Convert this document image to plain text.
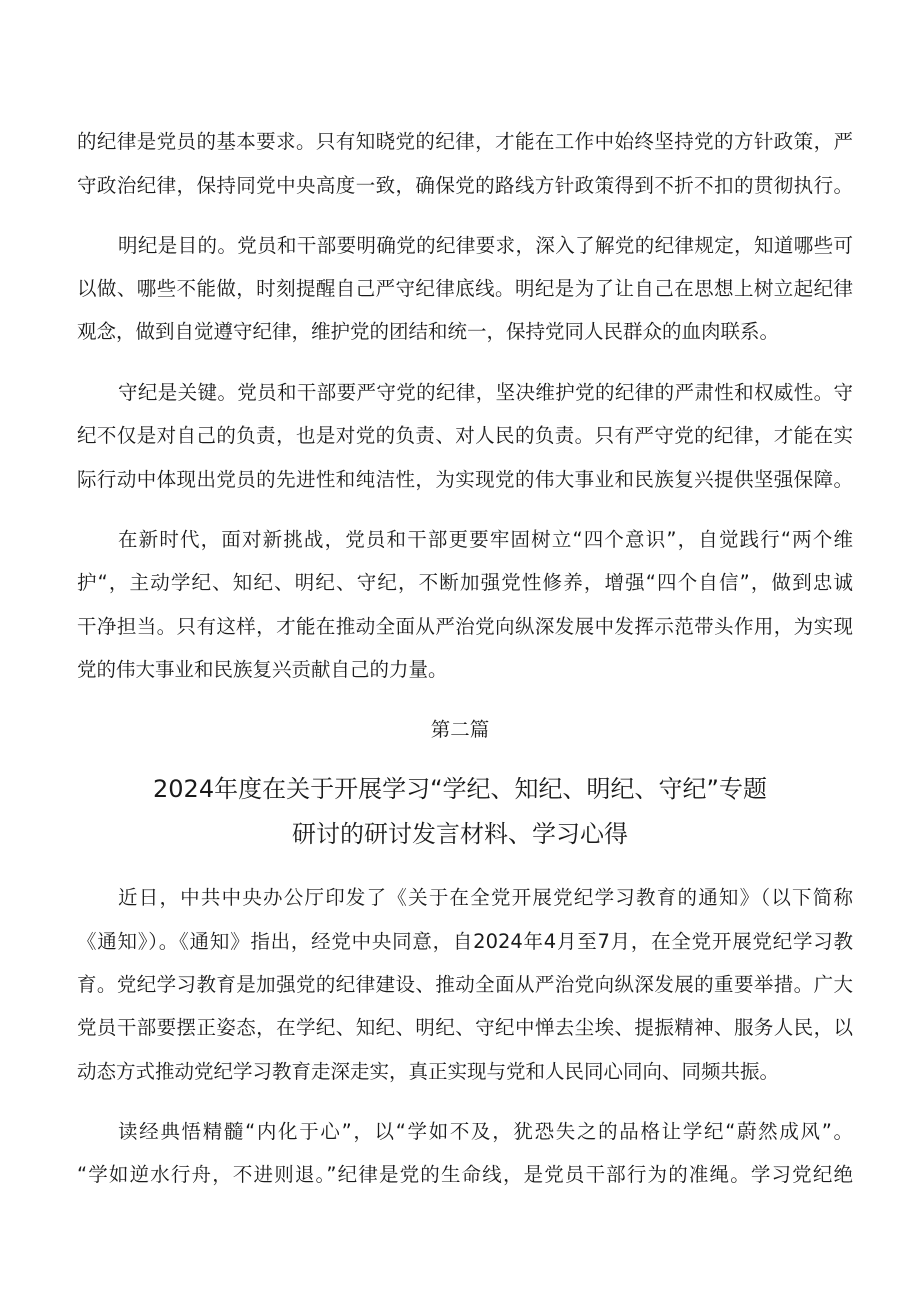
的纪律是党员的基本要求。只有知晓党的纪律，才能在工作中始终坚持党的方针政策，严

守政治纪律，保持同党中央高度一致，确保党的路线方针政策得到不折不扣的贯彻执行。

明纪是目的。党员和干部要明确党的纪律要求，深入了解党的纪律规定，知道哪些可

以做、哪些不能做，时刻提醒自己严守纪律底线。明纪是为了让自己在思想上树立起纪律

观念，做到自觉遵守纪律，维护党的团结和统一，保持党同人民群众的血肉联系。

守纪是关键。党员和干部要严守党的纪律，坚决维护党的纪律的严肃性和权威性。守

纪不仅是对自己的负责，也是对党的负责、对人民的负责。只有严守党的纪律，才能在实

际行动中体现出党员的先进性和纯洁性，为实现党的伟大事业和民族复兴提供坚强保障。

在新时代，面对新挑战，党员和干部更要牢固树立“四个意识”，自觉践行“两个维

护“，主动学纪、知纪、明纪、守纪，不断加强党性修养，增强“四个自信”，做到忠诚

干净担当。只有这样，才能在推动全面从严治党向纵深发展中发挥示范带头作用，为实现

党的伟大事业和民族复兴贡献自己的力量。

第二篇

2024年度在关于开展学习“学纪、知纪、明纪、守纪”专题

研讨的研讨发言材料、学习心得

近日，中共中央办公厅印发了《关于在全党开展党纪学习教育的通知》（以下简称

《通知》）。《通知》指出，经党中央同意，自2024年4月至7月，在全党开展党纪学习教

育。党纪学习教育是加强党的纪律建设、推动全面从严治党向纵深发展的重要举措。广大

党员干部要摆正姿态，在学纪、知纪、明纪、守纪中惮去尘埃、提振精神、服务人民，以

动态方式推动党纪学习教育走深走实，真正实现与党和人民同心同向、同频共振。

读经典悟精髓“内化于心”，以“学如不及，犹恐失之的品格让学纪“蔚然成风”。

“学如逆水行舟，不进则退。”纪律是党的生命线，是党员干部行为的准绳。学习党纪绝
